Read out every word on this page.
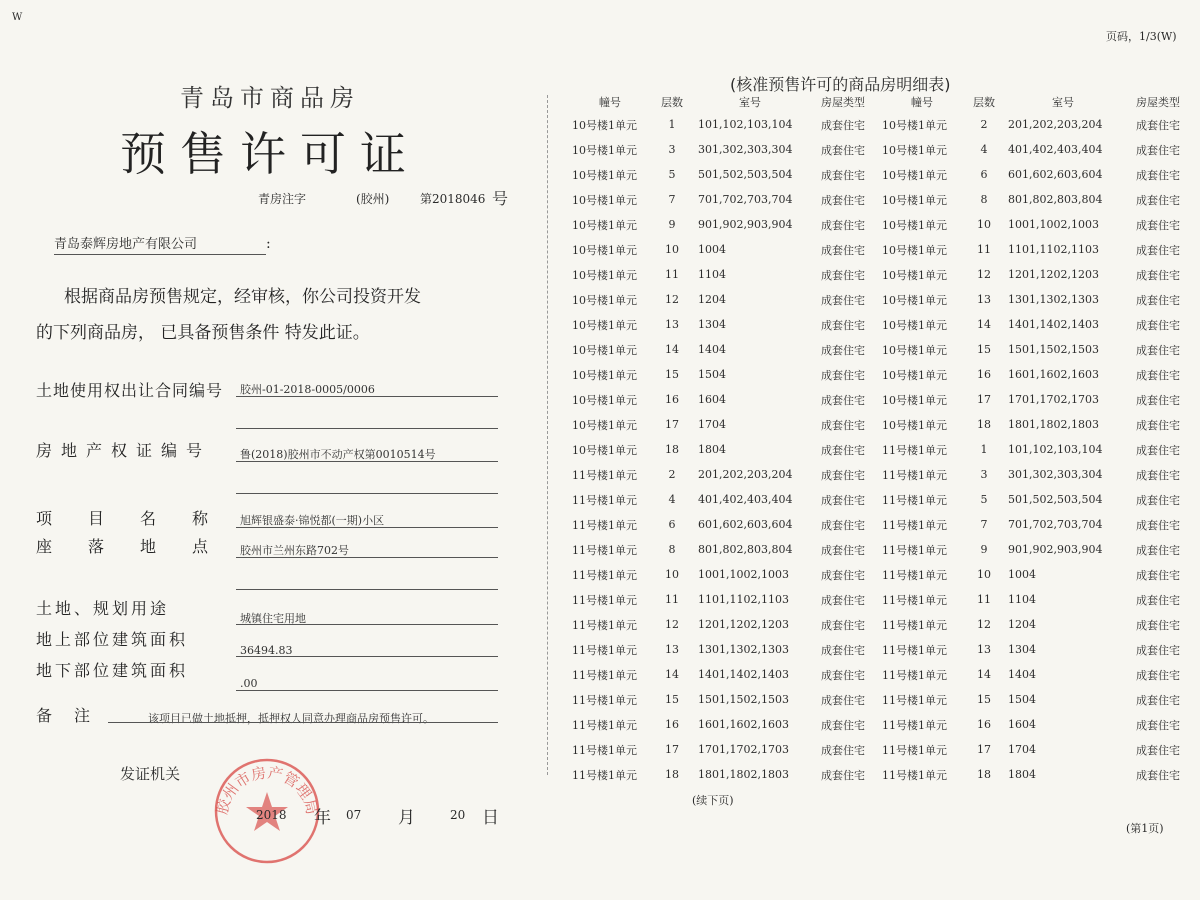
W
页码，1/3(W)
青岛市商品房
预售许可证
青房注字	(胶州)	第2018046 号
青岛泰辉房地产有限公司	:
根据商品房预售规定，经审核，你公司投资开发
的下列商品房， 已具备预售条件 特发此证。
土地使用权出让合同编号 胶州-01-2018-0005/0006
房地产权证编号	鲁(2018)胶州市不动产权第0010514号
项目名称
旭辉银盛泰·锦悦都(一期)小区
座落地点
胶州市兰州东路702号
土地、规划用途
城镇住宅用地
地上部位建筑面积
36494.83
地下部位建筑面积
.00
备注	该项目已做土地抵押，抵押权人同意办理商品房预售许可。
发证机关
胶州市房产管理局
2018 年 07 月	20 日
(核准预售许可的商品房明细表)
幢号	层数	室号	房屋类型	幢号	层数	室号	房屋类型
10号楼1单元	1	101,102,103,104	成套住宅	10号楼1单元	2	201,202,203,204	成套住宅
10号楼1单元	3	301,302,303,304	成套住宅	10号楼1单元	4	401,402,403,404	成套住宅
10号楼1单元	5	501,502,503,504	成套住宅	10号楼1单元	6	601,602,603,604	成套住宅
10号楼1单元	7	701,702,703,704	成套住宅	10号楼1单元	8	801,802,803,804	成套住宅
10号楼1单元	9	901,902,903,904	成套住宅	10号楼1单元	10	1001,1002,1003	成套住宅
10号楼1单元	10	1004	成套住宅	10号楼1单元	11	1101,1102,1103	成套住宅
10号楼1单元	11	1104	成套住宅	10号楼1单元	12	1201,1202,1203	成套住宅
10号楼1单元	12	1204	成套住宅	10号楼1单元	13	1301,1302,1303	成套住宅
10号楼1单元	13	1304	成套住宅	10号楼1单元	14	1401,1402,1403	成套住宅
10号楼1单元	14	1404	成套住宅	10号楼1单元	15	1501,1502,1503	成套住宅
10号楼1单元	15	1504	成套住宅	10号楼1单元	16	1601,1602,1603	成套住宅
10号楼1单元	16	1604	成套住宅	10号楼1单元	17	1701,1702,1703	成套住宅
10号楼1单元	17	1704	成套住宅	10号楼1单元	18	1801,1802,1803	成套住宅
10号楼1单元	18	1804	成套住宅	11号楼1单元	1	101,102,103,104	成套住宅
11号楼1单元	2	201,202,203,204	成套住宅	11号楼1单元	3	301,302,303,304	成套住宅
11号楼1单元	4	401,402,403,404	成套住宅	11号楼1单元	5	501,502,503,504	成套住宅
11号楼1单元	6	601,602,603,604	成套住宅	11号楼1单元	7	701,702,703,704	成套住宅
11号楼1单元	8	801,802,803,804	成套住宅	11号楼1单元	9	901,902,903,904	成套住宅
11号楼1单元	10	1001,1002,1003	成套住宅	11号楼1单元	10	1004	成套住宅
11号楼1单元	11	1101,1102,1103	成套住宅	11号楼1单元	11	1104	成套住宅
11号楼1单元	12	1201,1202,1203	成套住宅	11号楼1单元	12	1204	成套住宅
11号楼1单元	13	1301,1302,1303	成套住宅	11号楼1单元	13	1304	成套住宅
11号楼1单元	14	1401,1402,1403	成套住宅	11号楼1单元	14	1404	成套住宅
11号楼1单元	15	1501,1502,1503	成套住宅	11号楼1单元	15	1504	成套住宅
11号楼1单元	16	1601,1602,1603	成套住宅	11号楼1单元	16	1604	成套住宅
11号楼1单元	17	1701,1702,1703	成套住宅	11号楼1单元	17	1704	成套住宅
11号楼1单元	18	1801,1802,1803	成套住宅	11号楼1单元	18	1804	成套住宅
(续下页)
(第1页)
